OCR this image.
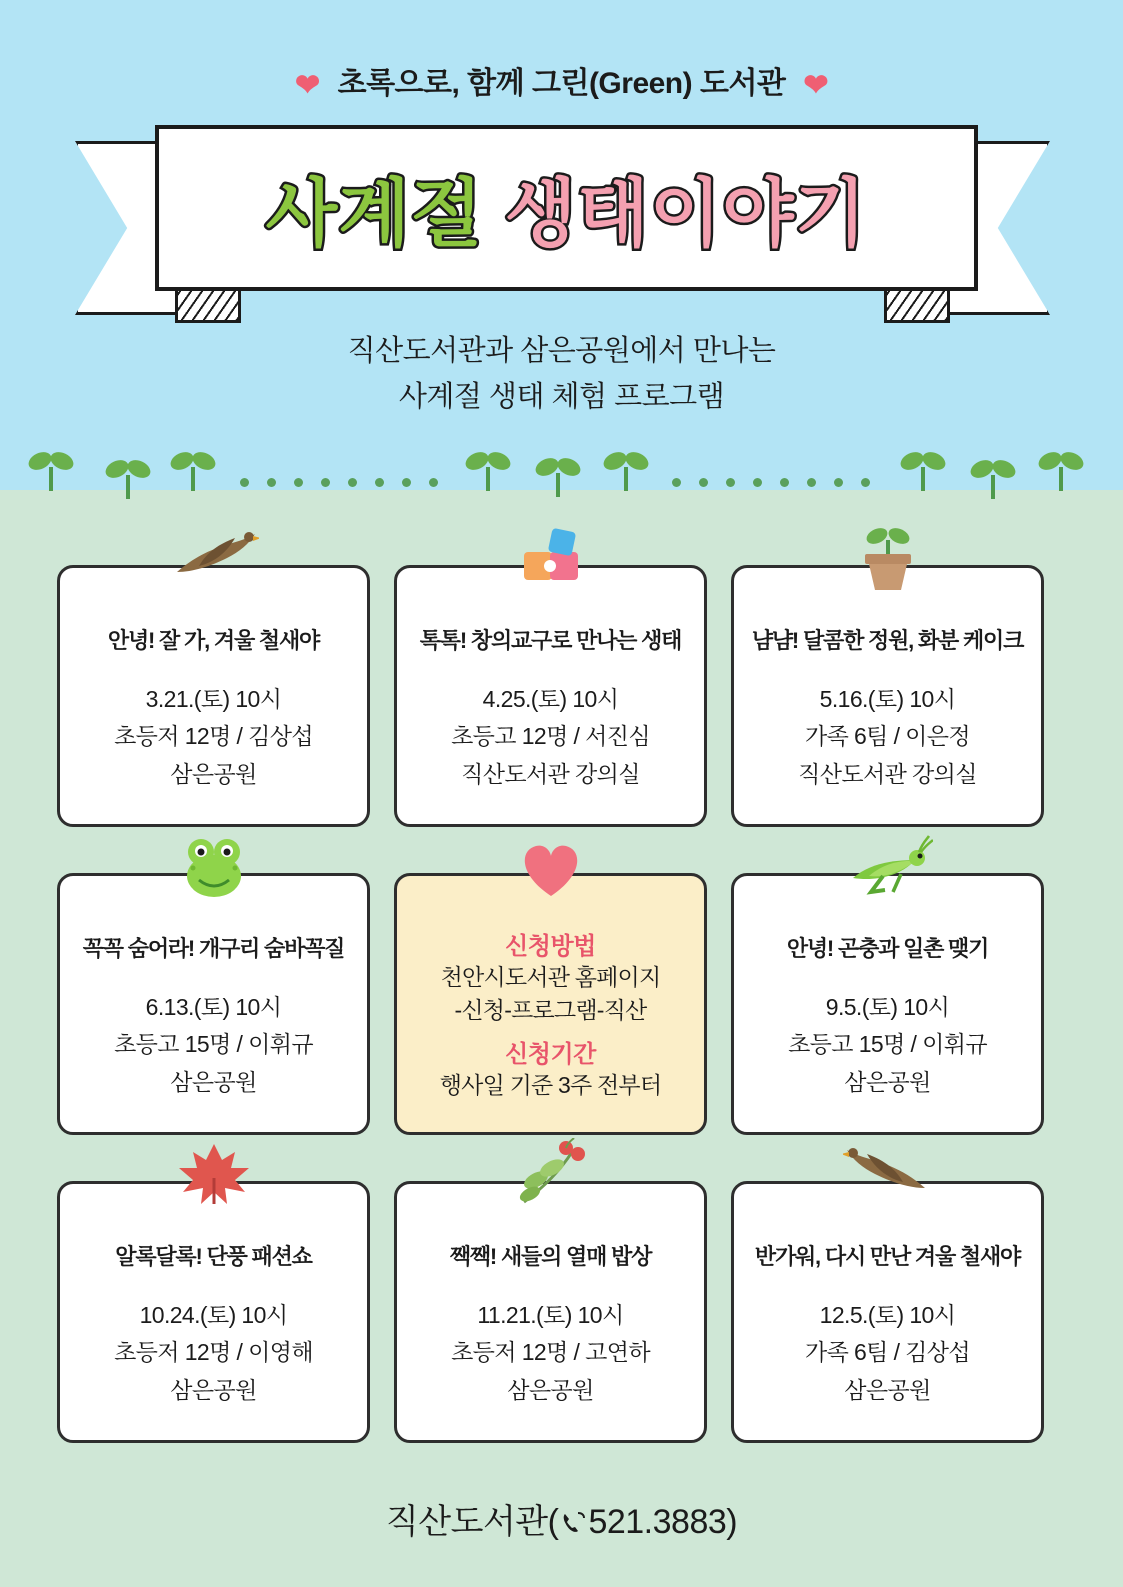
❤ 초록으로, 함께 그린(Green) 도서관 ❤
사계절 생태이야기
직산도서관과 삼은공원에서 만나는
사계절 생태 체험 프로그램
안녕! 잘 가, 겨울 철새야
3.21.(토) 10시
초등저 12명 / 김상섭
삼은공원
톡톡! 창의교구로 만나는 생태
4.25.(토) 10시
초등고 12명 / 서진심
직산도서관 강의실
냠냠! 달콤한 정원, 화분 케이크
5.16.(토) 10시
가족 6팀 / 이은정
직산도서관 강의실
꼭꼭 숨어라! 개구리 숨바꼭질
6.13.(토) 10시
초등고 15명 / 이휘규
삼은공원
신청방법
천안시도서관 홈페이지
-신청-프로그램-직산
신청기간
행사일 기준 3주 전부터
안녕! 곤충과 일촌 맺기
9.5.(토) 10시
초등고 15명 / 이휘규
삼은공원
알록달록! 단풍 패션쇼
10.24.(토) 10시
초등저 12명 / 이영해
삼은공원
짹짹! 새들의 열매 밥상
11.21.(토) 10시
초등저 12명 / 고연하
삼은공원
반가워, 다시 만난 겨울 철새야
12.5.(토) 10시
가족 6팀 / 김상섭
삼은공원
직산도서관( 521.3883)
